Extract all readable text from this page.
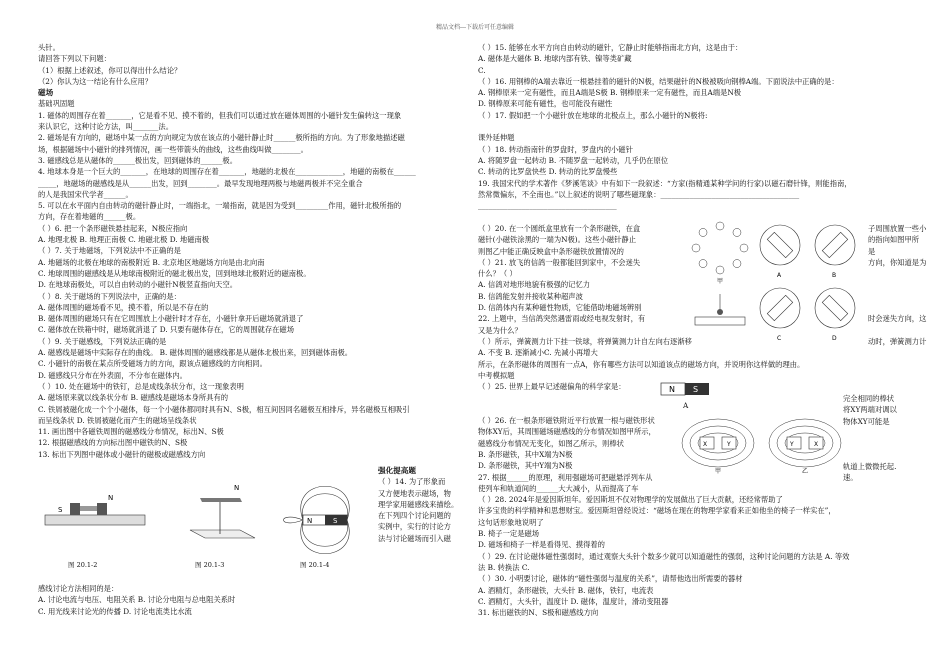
精品文档---下载后可任意编辑

头针。

请回答下列以下问题：

（1）根据上述叙述，你可以得出什么结论？

（2）你认为这一结论有什么应用？

磁场

基础巩固题

1. 磁体的周围存在着_______，它是看不见、摸不着的，但我们可以通过放在磁体周围的小磁针发生偏转这一现象

来认识它，这种讨论方法，叫_______法。

2. 磁场是有方向的，磁场中某一点的方向规定为放在该点的小磁针静止时______极所指的方向。为了形象地描述磁

场，根据磁场中小磁针的排列情况，画一些带箭头的曲线，这些曲线叫做________。

3. 磁感线总是从磁体的______极出发，回到磁体的______极。

4. 地球本身是一个巨大的_______，在地球的周围存在着_______，地磁的北极在_____________，地磁的南极在______

_____，地磁场的磁感线是从______出发，回到________。最早发现地理两极与地磁两极并不完全重合

的人是我国宋代学者______。

5. 可以在水平面内自由转动的磁针静止时，一端指北，一端指南，就是因为受到_________作用，磁针北极所指的

方向，存在着地磁的______极。

（ ）6. 把一个条形磁铁悬挂起来，N极应指向

A. 地理北极 B. 地理正南极 C. 地磁北极 D. 地磁南极

（ ）7. 关于地磁场，下列说法中不正确的是

A. 地磁场的北极在地球的南极附近 B. 北京地区地磁场方向是由北向南

C. 地球周围的磁感线是从地球南极附近的磁北极出发，回到地球北极附近的磁南极。

D. 在地球南极处，可以自由转动的小磁针N极竖直指向天空。

（ ）8. 关于磁场的下列说法中，正确的是：

A. 磁体周围的磁场看不见，摸不着，所以是不存在的

B. 磁体周围的磁场只有在它周围放上小磁针时才存在，小磁针拿开后磁场就消退了

C. 磁体放在铁箱中时，磁场就消退了 D. 只要有磁体存在，它的周围就存在磁场

（ ）9. 关于磁感线，下列说法正确的是

A. 磁感线是磁场中实际存在的曲线。 B. 磁体周围的磁感线都是从磁体北极出来，回到磁体南极。

C. 小磁针的南极在某点所受磁场力的方向，跟该点磁感线的方向相同。

D. 磁感线只分布在外表面，不分布在磁体内。

（ ）10. 处在磁场中的铁钉，总是成线条状分布，这一现象表明

A. 磁场原来就以线条状分布 B. 磁感线是磁场本身所具有的

C. 铁屑被磁化成一个个小磁体，每一个小磁体都同时具有N、S极，相互间因同名磁极互相排斥，异名磁极互相吸引

而呈线条状 D. 铁屑被磁化而产生的磁场呈线条状

11. 画出图中各磁铁周围的磁感线分布情况，标出N、S极

12. 根据磁感线的方向标出图中磁铁的N、S极

13. 标出下列图中磁体或小磁针的磁极或磁感线方向

S
N
图 20.1-2
N
图 20.1-3
N	S
图 20.1-4

强化提高题

（ ）14. 为了形象而

又方便地表示磁场，物

理学家用磁感线来描绘。

在下列四个讨论问题的

实例中，实行的讨论方

法与讨论磁场而引入磁

感线讨论方法相同的是：

A. 讨论电流与电压、电阻关系 B. 讨论分电阻与总电阻关系时

C. 用光线来讨论光的传播 D. 讨论电流类比水流

（ ）15. 能够在水平方向自由转动的磁针，它静止时能够指南北方向，这是由于：

A. 磁体是大磁体 B. 地球内部有铁、镍等类矿藏

C.

（ ）16. 用钢棒的A端去靠近一根悬挂着的磁针的N极，结果磁针的N极被吸向钢棒A端。下面说法中正确的是：

A. 钢棒原来一定有磁性，而且A端是S极 B. 钢棒原来一定有磁性，而且A端是N极

D. 钢棒原来可能有磁性，也可能没有磁性

（ ）17. 假如把一个小磁针放在地球的北极点上，那么小磁针的N极将:

课外延伸题

（ ）18. 转动指南针的罗盘时，罗盘内的小磁针

A. 将随罗盘一起转动 B. 不随罗盘一起转动，几乎仍在原位

C. 转动的比罗盘快些 D. 转动的比罗盘慢些

19. 我国宋代的学术著作《梦溪笔谈》中有如下一段叙述：“方家(指精通某种学问的行家)以磁石磨针锋，则能指南，

然常微偏东，不全南也。”以上叙述的说明了哪些磁现象：______________________________________

______________________________________

（ ）20. 在一个圆纸盒里放有一个条形磁铁，在盒

磁针(小磁铁涂黑的一端为N极)。这些小磁针静止

则图乙中能正确反映盒中条形磁铁放置情况的

（ ）21. 放飞的信鸽一般都能回到家中，不会迷失

什么？（ ）

A. 信鸽对地形地貌有极强的记忆力

B. 信鸽能发射并接收某种超声波

D. 信鸽体内有某种磁性物质，它能借助地磁场辨别

22. 上题中，当信鸽突然遇雷雨或经电视发射时，有

又是为什么？

（ ）所示，弹簧测力计下挂一铁球，将弹簧测力计自左向右逐渐移

A. 不变 B. 逐渐减小C. 先减小再增大

所示，在条形磁体的周围有一点A，你有哪些方法可以知道该点的磁场方向，并说明你这样做的理由。

中考模拟题

（ ）25. 世界上最早记述磁偏角的科学家是：

（ ）26. 在一根条形磁铁附近平行放置一根与磁铁形状

物体XY后，其周围磁场磁感线的分布情况如图甲所示，

磁感线分布情况无变化，如图乙所示，则棒状

B. 条形磁铁，其中X端为N极

D. 条形磁铁，其中Y端为N极

27. 根据______的原理，利用强磁场可把磁悬浮列车从

使列车和轨道间的______大大减小，从而提高了车

（ ）28. 2024年是爱因斯坦年。爱因斯坦不仅对物理学的发展做出了巨大贡献，还经常帮助了

许多宝贵的科学精神和思想财宝。爱因斯坦曾经说过：“磁场在现在的物理学家看来正如他坐的椅子一样实在”，

这句话形象地说明了

B. 椅子一定是磁场

D. 磁场和椅子一样是看得见、摸得着的

（ ）29. 在讨论磁体磁性强弱时，通过观察大头针个数多少就可以知道磁性的强弱，这种讨论问题的方法是 A. 等效

法 B. 转换法 C.

（ ）30. 小明要讨论，磁体的“磁性强弱与温度的关系”，请帮他选出所需要的器材

A. 酒精灯，条形磁铁，大头针 B. 磁体，铁钉，电流表

C. 酒精灯，大头针，温度计 D. 磁体，温度计，滑动变阻器

31. 标出磁铁的N、S极和磁感线方向

甲
A	B
C	D

子周围放置一些小

的指向如图甲所

是

方向，你知道是为

时会迷失方向，这

动时，弹簧测力计

完全相同的棒状

将XY两端对调以

物体XY可能是

轨道上微微托起.

速。

N S

A

X	Y
甲
Y	X
乙
